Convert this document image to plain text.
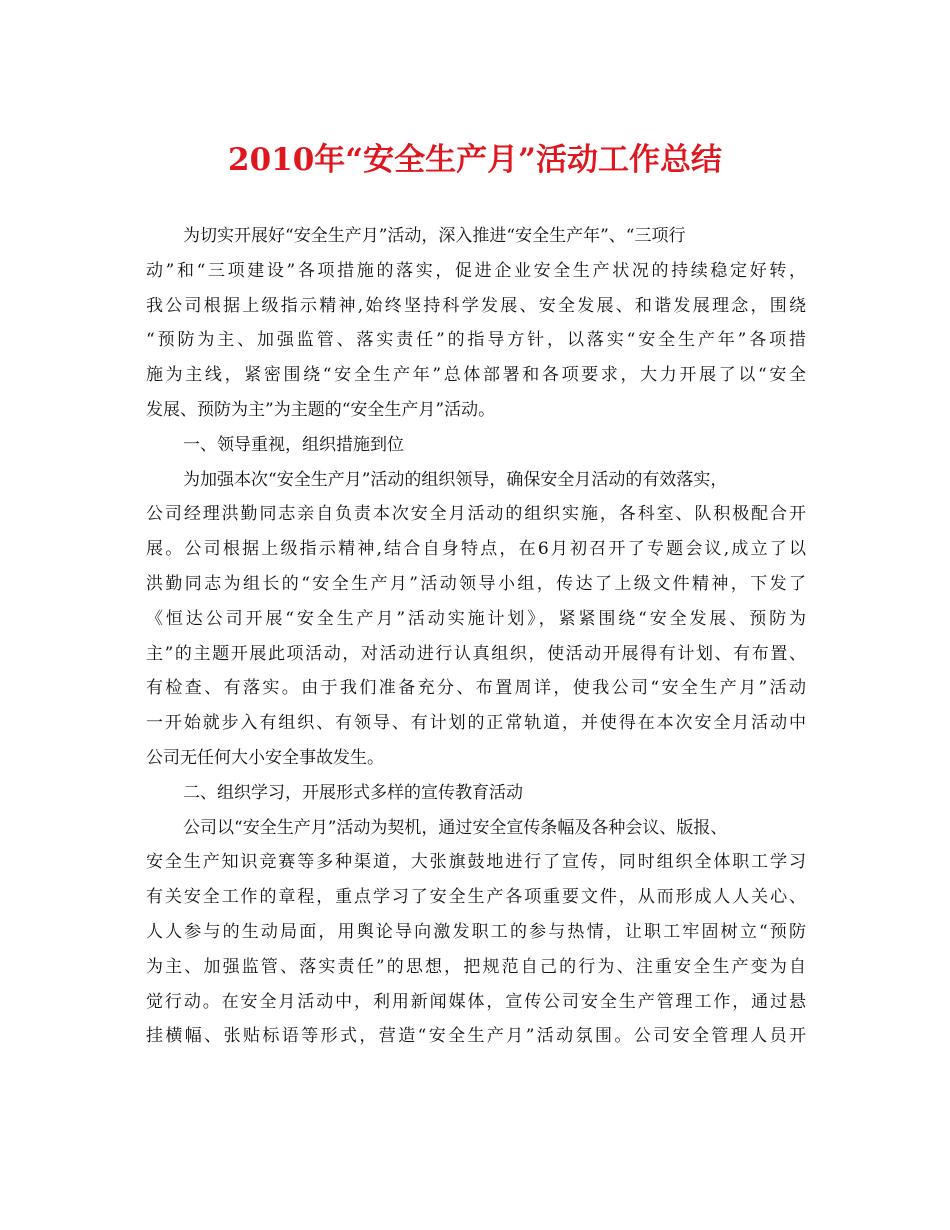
2010年“安全生产月”活动工作总结

为切实开展好“安全生产月”活动，深入推进“安全生产年”、“三项行

动”和“三项建设”各项措施的落实，促进企业安全生产状况的持续稳定好转，

我公司根据上级指示精神,始终坚持科学发展、安全发展、和谐发展理念，围绕

“预防为主、加强监管、落实责任”的指导方针，以落实“安全生产年”各项措

施为主线，紧密围绕“安全生产年”总体部署和各项要求，大力开展了以“安全

发展、预防为主”为主题的“安全生产月”活动。

一、领导重视，组织措施到位

为加强本次“安全生产月”活动的组织领导，确保安全月活动的有效落实，

公司经理洪勤同志亲自负责本次安全月活动的组织实施，各科室、队积极配合开

展。公司根据上级指示精神,结合自身特点，在6月初召开了专题会议,成立了以

洪勤同志为组长的“安全生产月”活动领导小组，传达了上级文件精神，下发了

《恒达公司开展“安全生产月”活动实施计划》，紧紧围绕“安全发展、预防为

主”的主题开展此项活动，对活动进行认真组织，使活动开展得有计划、有布置、

有检查、有落实。由于我们准备充分、布置周详，使我公司“安全生产月”活动

一开始就步入有组织、有领导、有计划的正常轨道，并使得在本次安全月活动中

公司无任何大小安全事故发生。

二、组织学习，开展形式多样的宣传教育活动

公司以“安全生产月”活动为契机，通过安全宣传条幅及各种会议、版报、

安全生产知识竞赛等多种渠道，大张旗鼓地进行了宣传，同时组织全体职工学习

有关安全工作的章程，重点学习了安全生产各项重要文件，从而形成人人关心、

人人参与的生动局面，用舆论导向激发职工的参与热情，让职工牢固树立“预防

为主、加强监管、落实责任”的思想，把规范自己的行为、注重安全生产变为自

觉行动。在安全月活动中，利用新闻媒体，宣传公司安全生产管理工作，通过悬

挂横幅、张贴标语等形式，营造“安全生产月”活动氛围。公司安全管理人员开
